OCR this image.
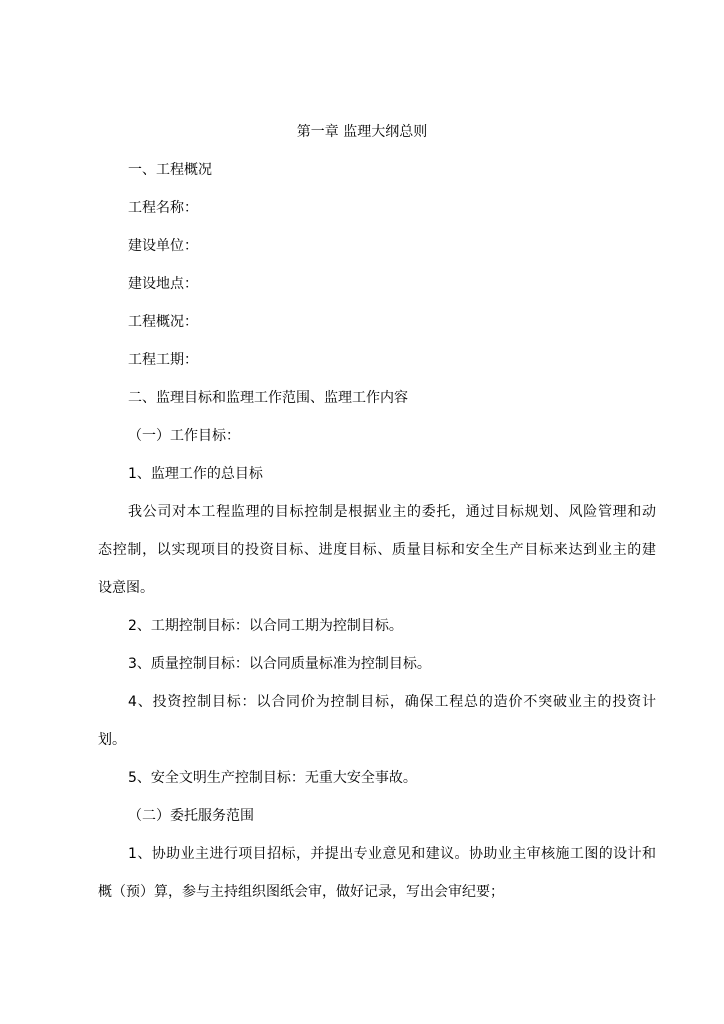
第一章 监理大纲总则
一、工程概况
工程名称：
建设单位：
建设地点：
工程概况：
工程工期：
二、监理目标和监理工作范围、监理工作内容
（一）工作目标：
1、监理工作的总目标
我公司对本工程监理的目标控制是根据业主的委托，通过目标规划、风险管理和动
态控制，以实现项目的投资目标、进度目标、质量目标和安全生产目标来达到业主的建
设意图。
2、工期控制目标：以合同工期为控制目标。
3、质量控制目标：以合同质量标准为控制目标。
4、投资控制目标：以合同价为控制目标，确保工程总的造价不突破业主的投资计
划。
5、安全文明生产控制目标：无重大安全事故。
（二）委托服务范围
1、协助业主进行项目招标，并提出专业意见和建议。协助业主审核施工图的设计和
概（预）算，参与主持组织图纸会审，做好记录，写出会审纪要；
